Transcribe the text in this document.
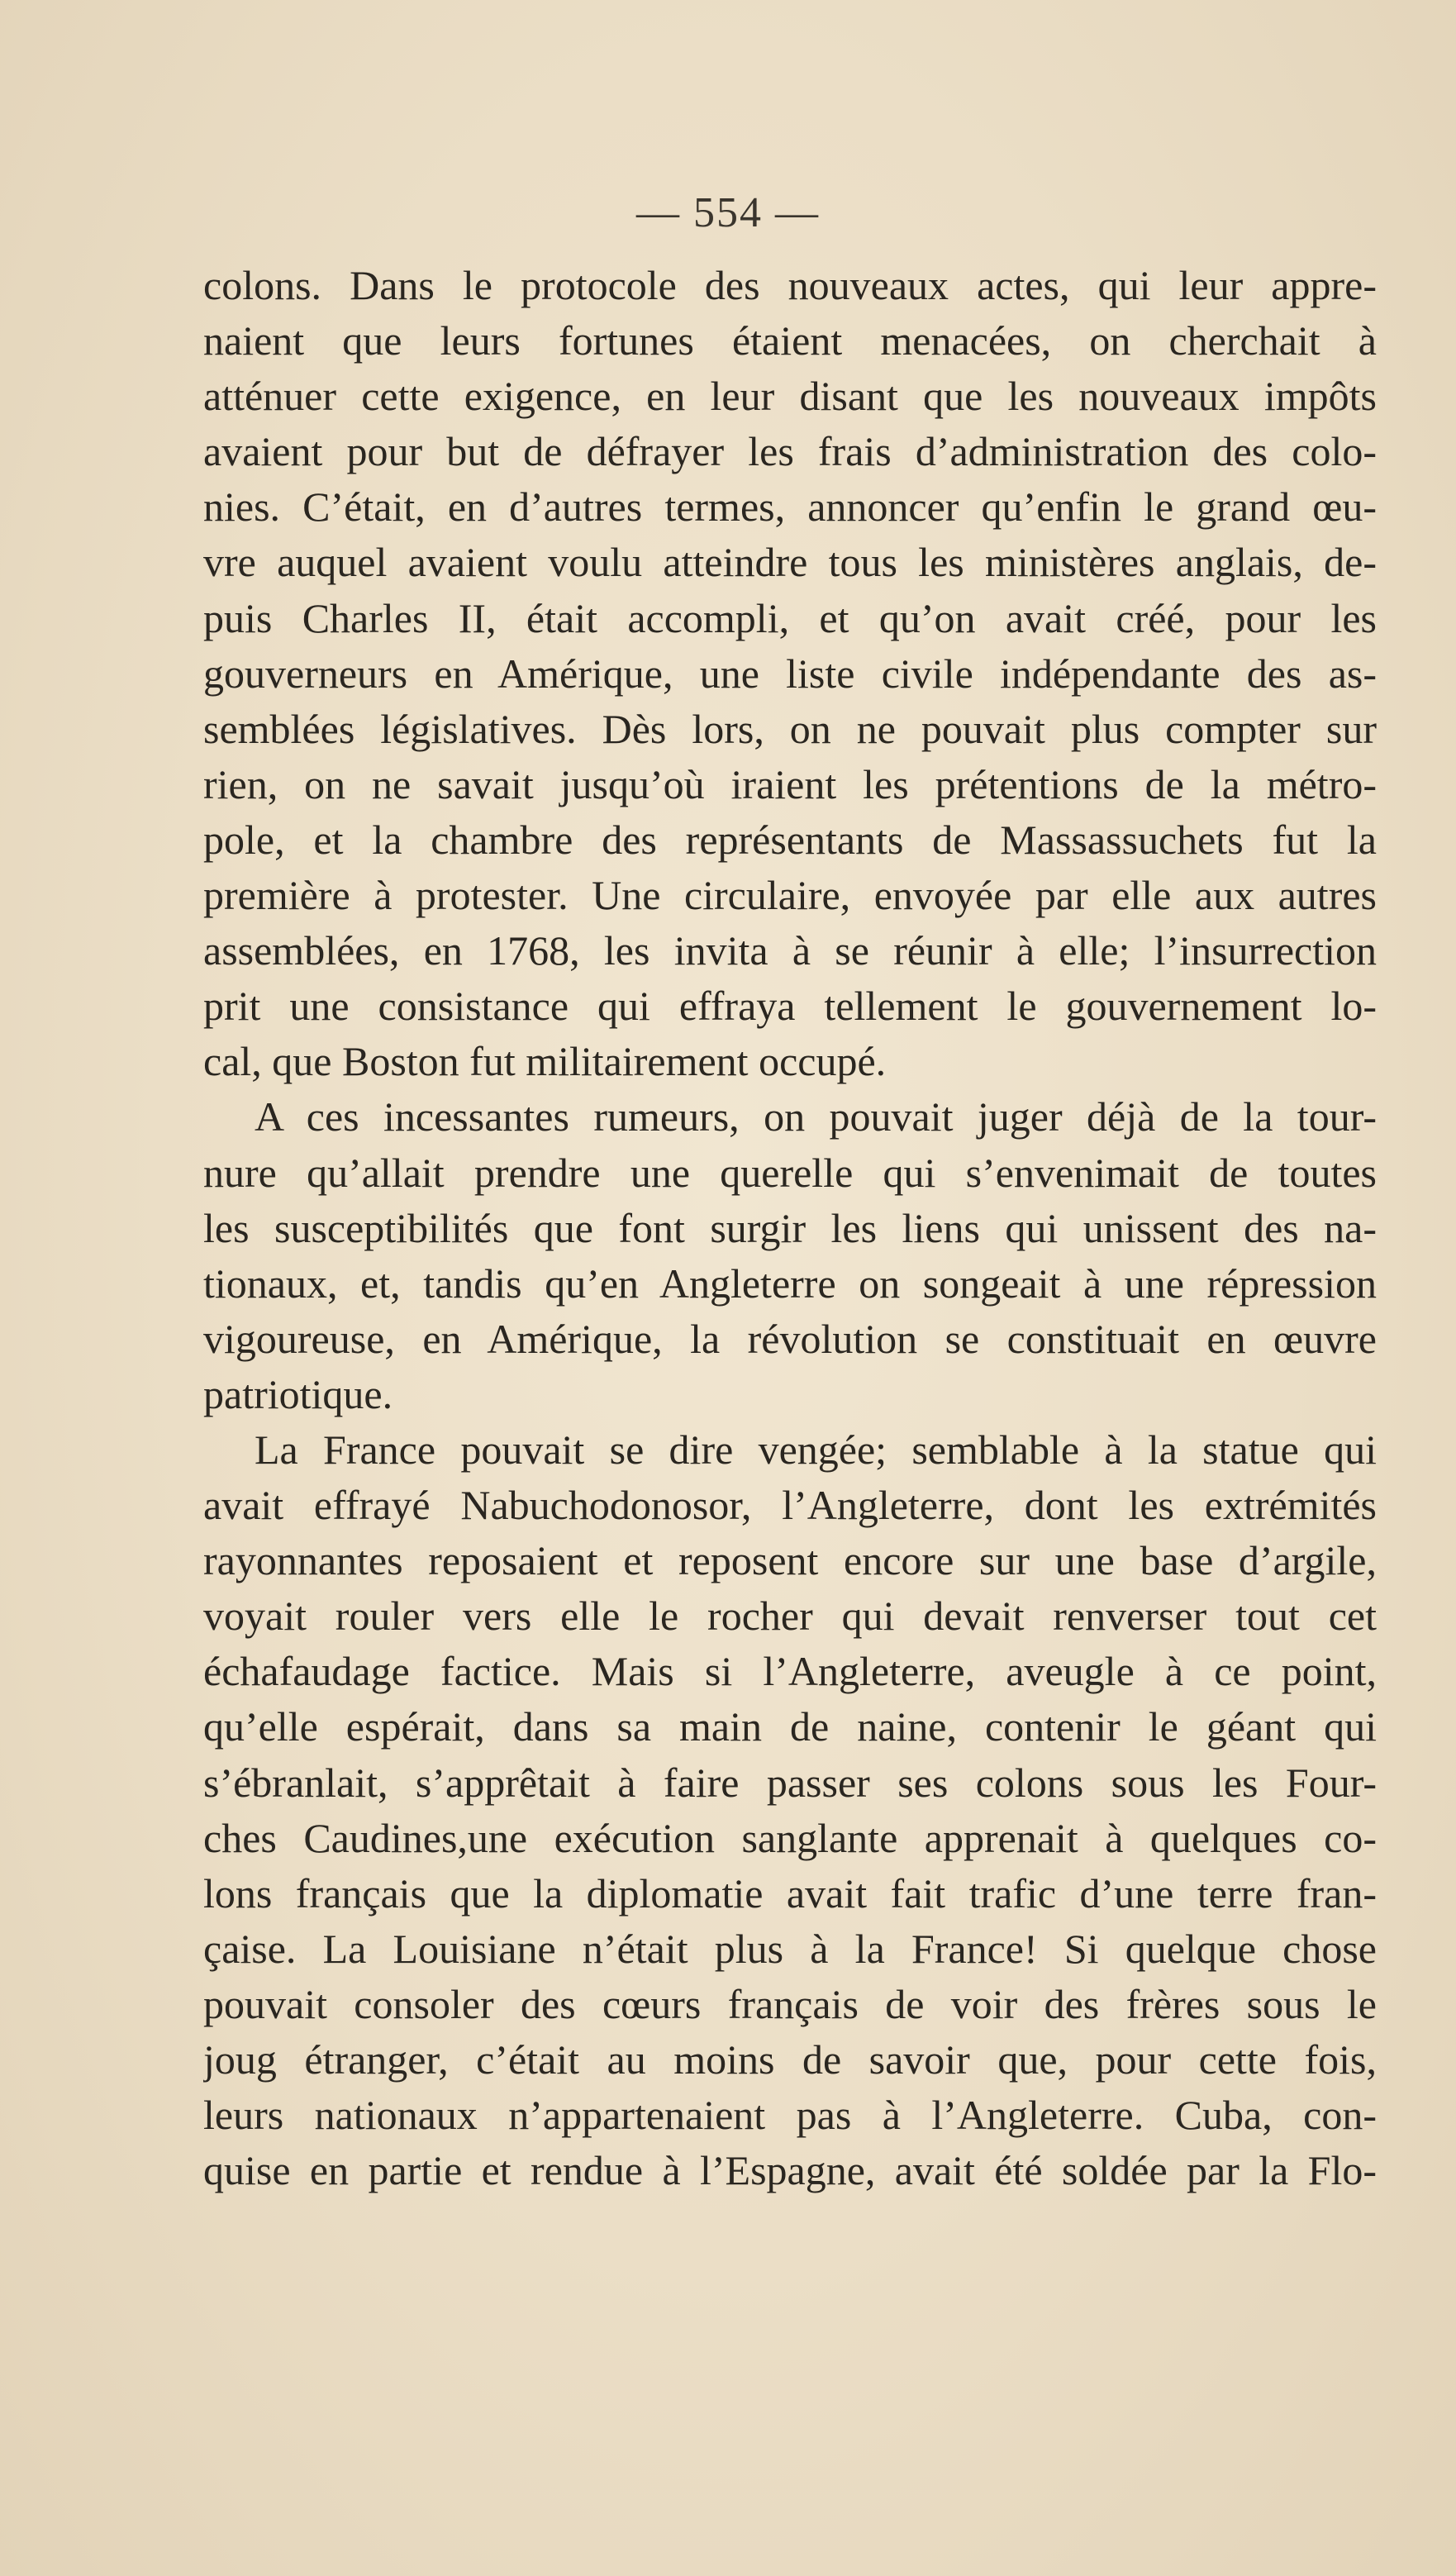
— 554 —
colons. Dans le protocole des nouveaux actes, qui leur appre-
naient que leurs fortunes étaient menacées, on cherchait à
atténuer cette exigence, en leur disant que les nouveaux impôts
avaient pour but de défrayer les frais d’administration des colo-
nies. C’était, en d’autres termes, annoncer qu’enfin le grand œu-
vre auquel avaient voulu atteindre tous les ministères anglais, de-
puis Charles II, était accompli, et qu’on avait créé, pour les
gouverneurs en Amérique, une liste civile indépendante des as-
semblées législatives. Dès lors, on ne pouvait plus compter sur
rien, on ne savait jusqu’où iraient les prétentions de la métro-
pole, et la chambre des représentants de Massassuchets fut la
première à protester. Une circulaire, envoyée par elle aux autres
assemblées, en 1768, les invita à se réunir à elle; l’insurrection
prit une consistance qui effraya tellement le gouvernement lo-
cal, que Boston fut militairement occupé.
A ces incessantes rumeurs, on pouvait juger déjà de la tour-
nure qu’allait prendre une querelle qui s’envenimait de toutes
les susceptibilités que font surgir les liens qui unissent des na-
tionaux, et, tandis qu’en Angleterre on songeait à une répression
vigoureuse, en Amérique, la révolution se constituait en œuvre
patriotique.
La France pouvait se dire vengée; semblable à la statue qui
avait effrayé Nabuchodonosor, l’Angleterre, dont les extrémités
rayonnantes reposaient et reposent encore sur une base d’argile,
voyait rouler vers elle le rocher qui devait renverser tout cet
échafaudage factice. Mais si l’Angleterre, aveugle à ce point,
qu’elle espérait, dans sa main de naine, contenir le géant qui
s’ébranlait, s’apprêtait à faire passer ses colons sous les Four-
ches Caudines,une exécution sanglante apprenait à quelques co-
lons français que la diplomatie avait fait trafic d’une terre fran-
çaise. La Louisiane n’était plus à la France! Si quelque chose
pouvait consoler des cœurs français de voir des frères sous le
joug étranger, c’était au moins de savoir que, pour cette fois,
leurs nationaux n’appartenaient pas à l’Angleterre. Cuba, con-
quise en partie et rendue à l’Espagne, avait été soldée par la Flo-
